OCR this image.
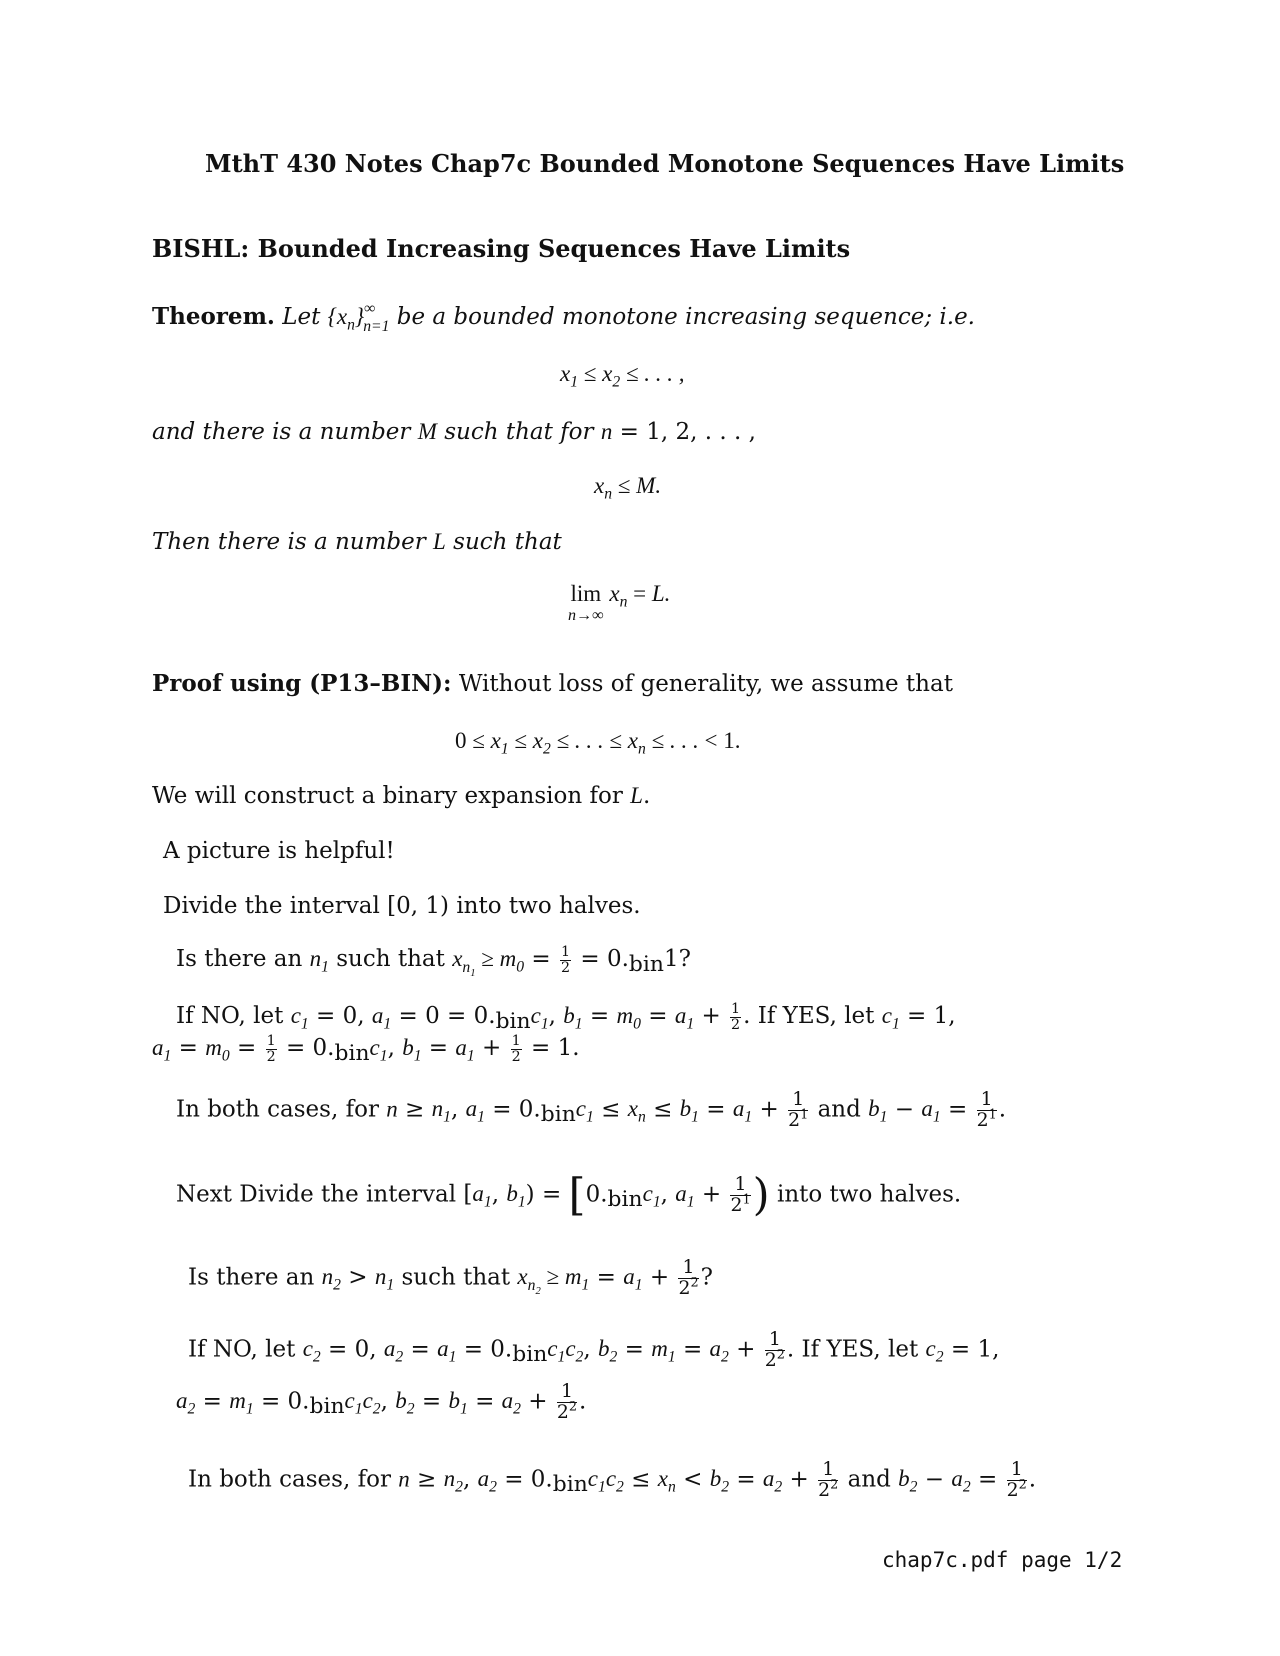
MthT 430 Notes Chap7c Bounded Monotone Sequences Have Limits
BISHL: Bounded Increasing Sequences Have Limits
Theorem. Let $\{x_n\}^\infty_{n=1}$ be a bounded monotone increasing sequence; i.e.
$x_1 \le x_2$ ≤ . . . ,
and there is a number M such that for n = 1, 2, . . . ,
$x_n \le M$.
Then there is a number L such that
lim
n→∞
$x_n = L$.
Proof using (P13–BIN): Without loss of generality, we assume that
$0 \le x_1 \le x_2$ ≤ . . . ≤ $x_n$ ≤ . . . < 1.
We will construct a binary expansion for L.
A picture is helpful!
Divide the interval [0, 1) into two halves.
Is there an $n_1$ such that $x_{n_1} \ge m_0 = \frac{1}{2} = 0.bin1$?
If NO, let $c_1 = 0$, $a_1 = 0$ = 0.binc$_1$, $b_1 = m_0 = a_1 + \frac{1}{2}$ . If YES, let $c_1 = 1$,
$a_1 = m_0 = \frac{1}{2}$ = 0.binc$_1$, $b_1 = a_1 + \frac{1}{2} = 1$.
In both cases, for $n \ge n_1$, $a_1$ = 0.binc$_1$ ≤ $x_n \le b_1 = a_1 + \frac{1}{2^1}$ and $b_1 - a_1 = \frac{1}{2^1}$ .
Next Divide the interval [$a_1$, $b_1$) = [0.binc$_1$, $a_1 + \frac{1}{2^1}$ ) into two halves.
Is there an $n_2 > n_1$ such that $x_{n_2} \ge m_1 = a_1 + \frac{1}{2^2}$ ?
If NO, let $c_2 = 0$, $a_2 = a_1$ = $0.binc_1c_2$, $b_2 = m_1 = a_2 + \frac{1}{2^2}$ . If YES, let $c_2 = 1$,
$a_2 = m_1$ = $0.binc_1c_2$, $b_2 = b_1 = a_2 + \frac{1}{2^2}$ .
In both cases, for $n \ge n_2$, $a_2$ = $0.binc_1c_2 \le x_n < b_2 = a_2 + \frac{1}{2^2}$ and $b_2 - a_2 = \frac{1}{2^2}$ .
chap7c.pdf page 1/2
